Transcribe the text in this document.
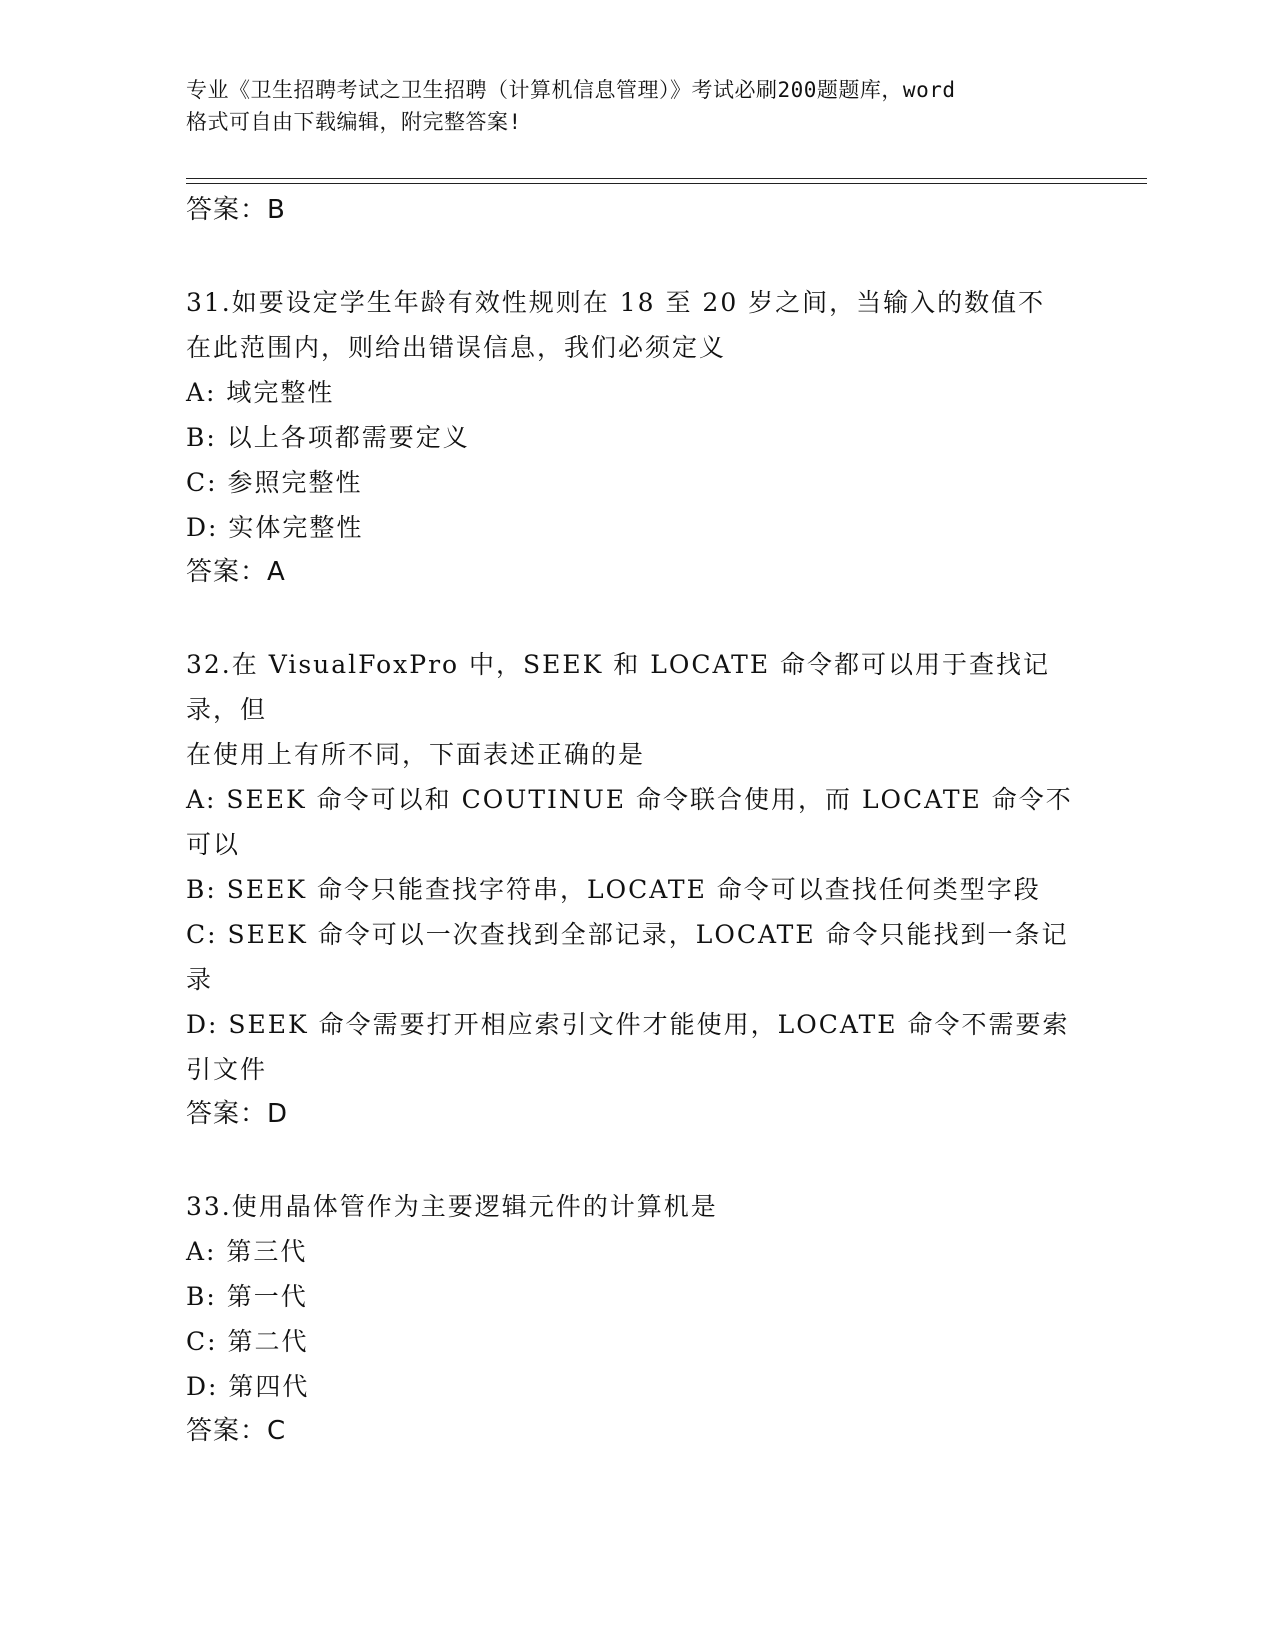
专业《卫生招聘考试之卫生招聘（计算机信息管理）》考试必刷200题题库，word
格式可自由下载编辑，附完整答案!
答案：B
31.如要设定学生年龄有效性规则在 18 至 20 岁之间，当输入的数值不
在此范围内，则给出错误信息，我们必须定义
A: 域完整性
B: 以上各项都需要定义
C: 参照完整性
D: 实体完整性
答案：A
32.在 VisualFoxPro 中，SEEK 和 LOCATE 命令都可以用于查找记录，但
在使用上有所不同，下面表述正确的是
A: SEEK 命令可以和 COUTINUE 命令联合使用，而 LOCATE 命令不可以
B: SEEK 命令只能查找字符串，LOCATE 命令可以查找任何类型字段
C: SEEK 命令可以一次查找到全部记录，LOCATE 命令只能找到一条记
录
D: SEEK 命令需要打开相应索引文件才能使用，LOCATE 命令不需要索
引文件
答案：D
33.使用晶体管作为主要逻辑元件的计算机是
A: 第三代
B: 第一代
C: 第二代
D: 第四代
答案：C
